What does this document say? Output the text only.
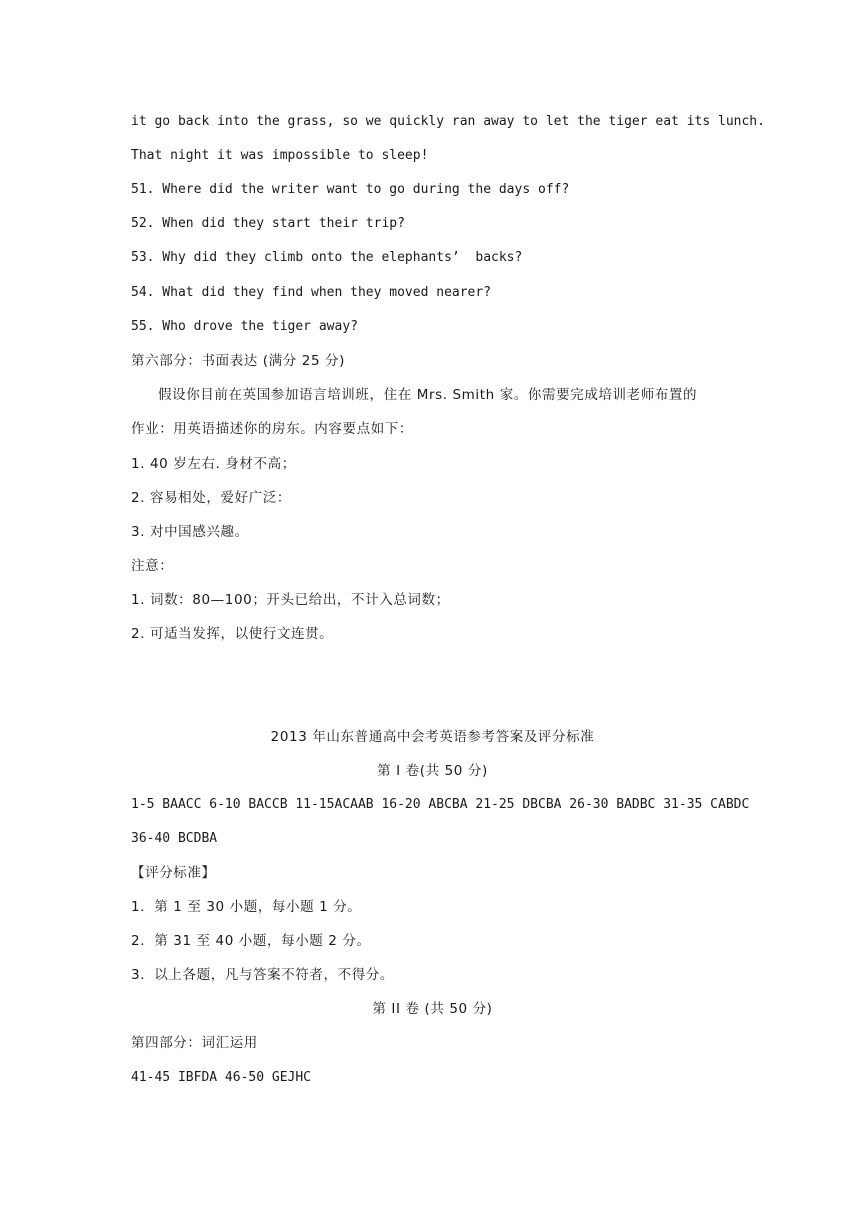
it go back into the grass, so we quickly ran away to let the tiger eat its lunch.
That night it was impossible to sleep!
51. Where did the writer want to go during the days off?
52. When did they start their trip?
53. Why did they climb onto the elephants’  backs?
54. What did they find when they moved nearer?
55. Who drove the tiger away?
第六部分：书面表达 (满分 25 分)
假设你目前在英国参加语言培训班，住在 Mrs. Smith 家。你需要完成培训老师布置的
作业：用英语描述你的房东。内容要点如下：
1. 40 岁左右. 身材不高；
2. 容易相处，爱好广泛：
3. 对中国感兴趣。
注意：
1. 词数：80—100；开头已给出，不计入总词数；
2. 可适当发挥，以使行文连贯。
2013 年山东普通高中会考英语参考答案及评分标准
第 I 卷(共 50 分)
1-5 BAACC 6-10 BACCB 11-15ACAAB 16-20 ABCBA 21-25 DBCBA 26-30 BADBC 31-35 CABDC
36-40 BCDBA
【评分标准】
1．第 1 至 30 小题，每小题 1 分。
2．第 31 至 40 小题，每小题 2 分。
3．以上各题，凡与答案不符者，不得分。
第 II 卷 (共 50 分)
第四部分：词汇运用
41-45 IBFDA 46-50 GEJHC
